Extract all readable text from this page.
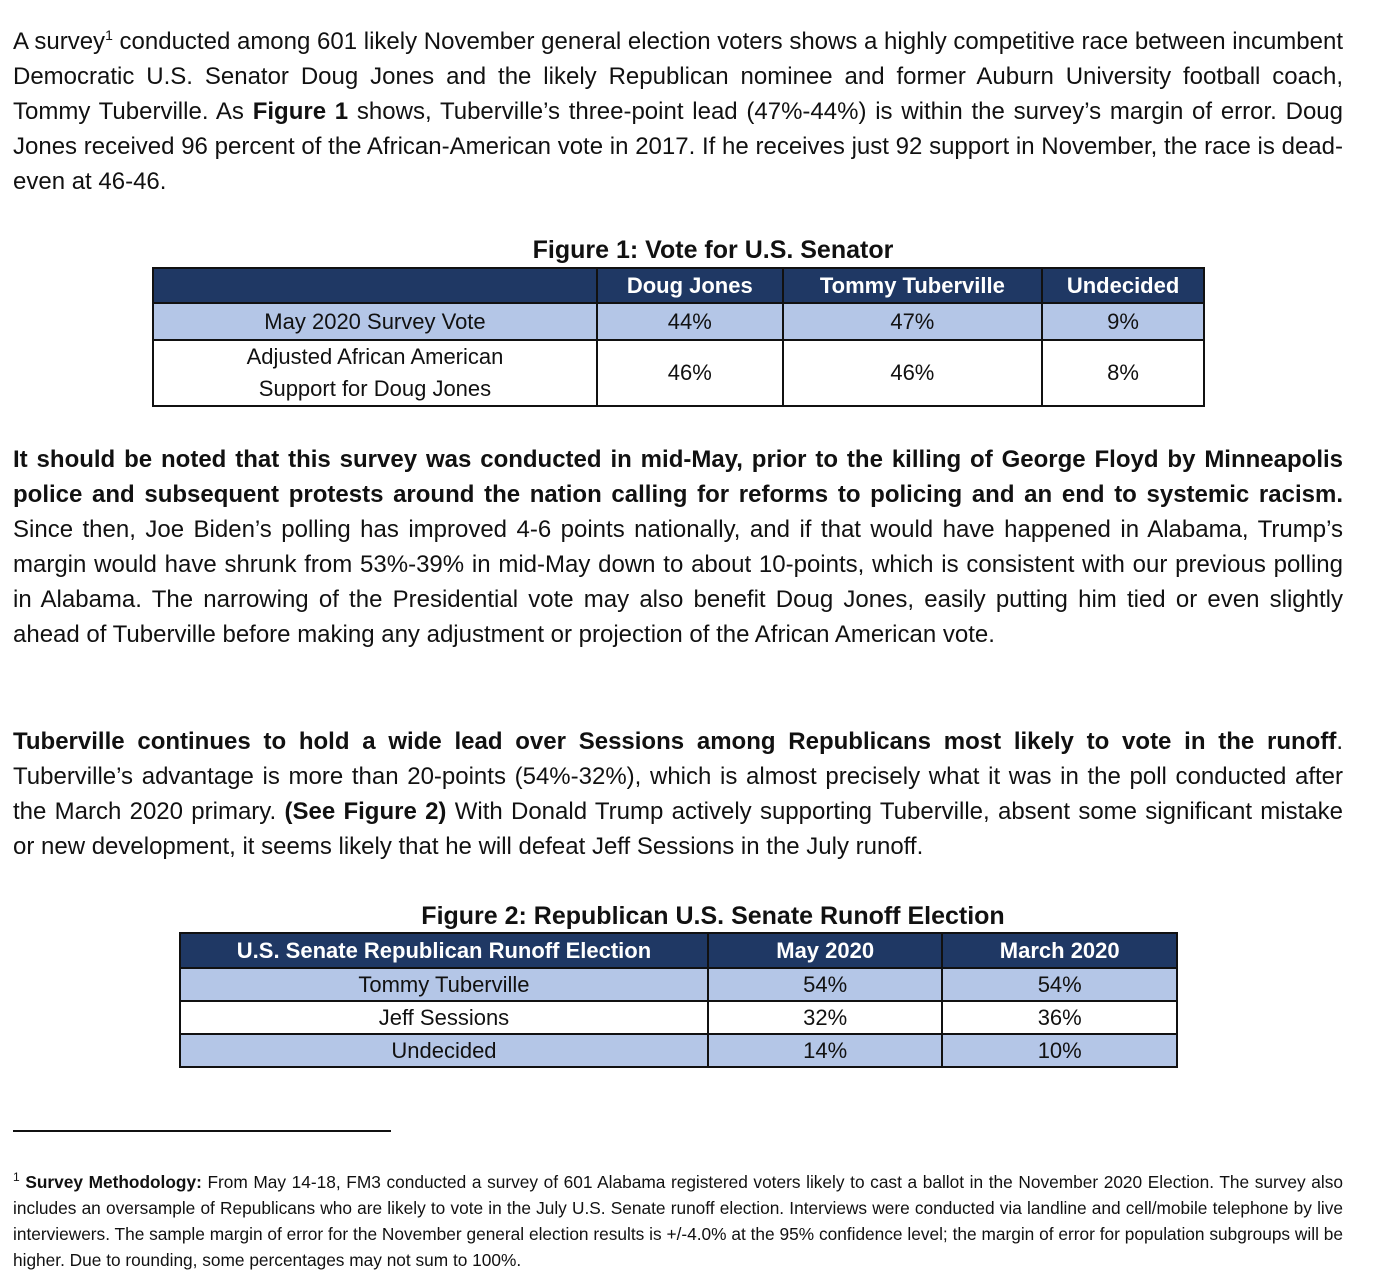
A survey$^1$ conducted among 601 likely November general election voters shows a highly competitive race between incumbent Democratic U.S. Senator Doug Jones and the likely Republican nominee and former Auburn University football coach, Tommy Tuberville. As Figure 1 shows, Tuberville’s three-point lead (47%-44%) is within the survey’s margin of error. Doug Jones received 96 percent of the African-American vote in 2017. If he receives just 92 support in November, the race is dead-even at 46-46.

Figure 1: Vote for U.S. Senator
	Doug Jones	Tommy Tuberville	Undecided
May 2020 Survey Vote	44%	47%	9%
Adjusted African American
Support for Doug Jones	46%	46%	8%

It should be noted that this survey was conducted in mid-May, prior to the killing of George Floyd by Minneapolis police and subsequent protests around the nation calling for reforms to policing and an end to systemic racism. Since then, Joe Biden’s polling has improved 4-6 points nationally, and if that would have happened in Alabama, Trump’s margin would have shrunk from 53%-39% in mid-May down to about 10-points, which is consistent with our previous polling in Alabama. The narrowing of the Presidential vote may also benefit Doug Jones, easily putting him tied or even slightly ahead of Tuberville before making any adjustment or projection of the African American vote.

Tuberville continues to hold a wide lead over Sessions among Republicans most likely to vote in the runoff. Tuberville’s advantage is more than 20-points (54%-32%), which is almost precisely what it was in the poll conducted after the March 2020 primary. (See Figure 2) With Donald Trump actively supporting Tuberville, absent some significant mistake or new development, it seems likely that he will defeat Jeff Sessions in the July runoff.

Figure 2: Republican U.S. Senate Runoff Election
U.S. Senate Republican Runoff Election	May 2020	March 2020
Tommy Tuberville	54%	54%
Jeff Sessions	32%	36%
Undecided	14%	10%

$^1$ Survey Methodology: From May 14-18, FM3 conducted a survey of 601 Alabama registered voters likely to cast a ballot in the November 2020 Election. The survey also includes an oversample of Republicans who are likely to vote in the July U.S. Senate runoff election. Interviews were conducted via landline and cell/mobile telephone by live interviewers. The sample margin of error for the November general election results is +/-4.0% at the 95% confidence level; the margin of error for population subgroups will be higher. Due to rounding, some percentages may not sum to 100%.
